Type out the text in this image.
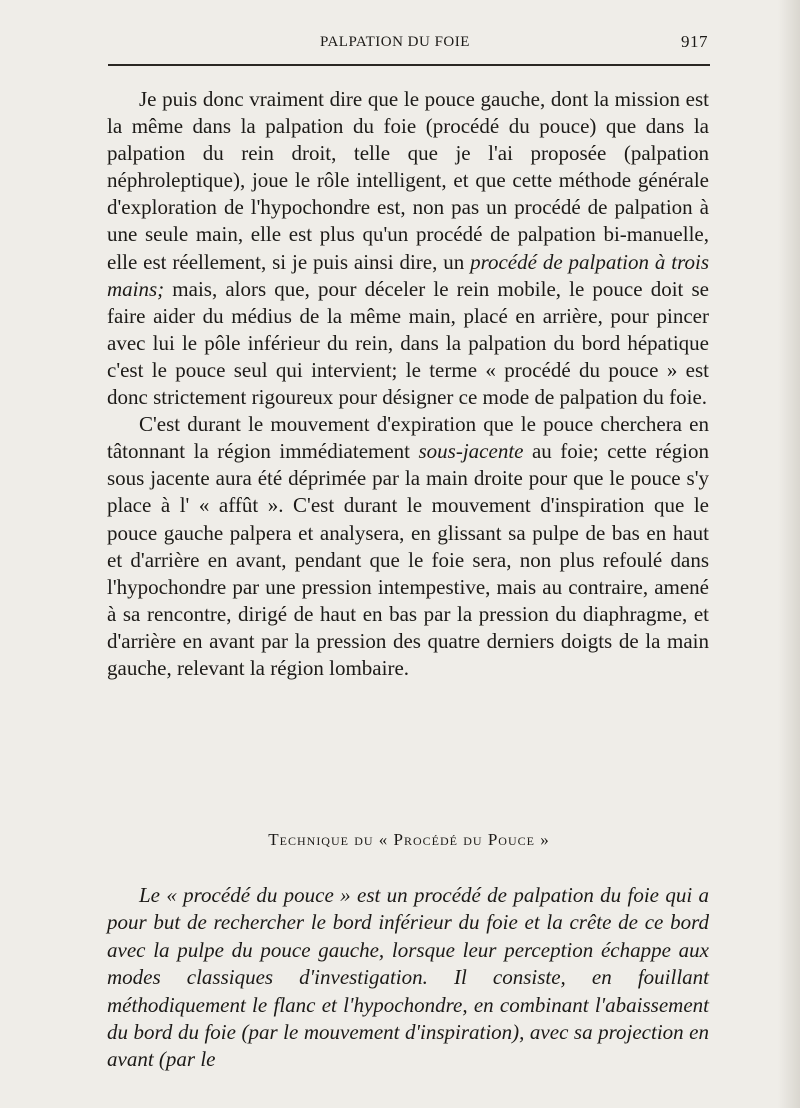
PALPATION DU FOIE	917

Je puis donc vraiment dire que le pouce gauche, dont la mission est la même dans la palpation du foie (procédé du pouce) que dans la palpation du rein droit, telle que je l'ai proposée (palpation néphroleptique), joue le rôle intelligent, et que cette méthode générale d'exploration de l'hypochondre est, non pas un procédé de palpation à une seule main, elle est plus qu'un procédé de palpation bi-manuelle, elle est réellement, si je puis ainsi dire, un procédé de palpation à trois mains; mais, alors que, pour déceler le rein mobile, le pouce doit se faire aider du médius de la même main, placé en arrière, pour pincer avec lui le pôle inférieur du rein, dans la palpation du bord hépatique c'est le pouce seul qui intervient; le terme « procédé du pouce » est donc strictement rigoureux pour désigner ce mode de palpation du foie.

C'est durant le mouvement d'expiration que le pouce cherchera en tâtonnant la région immédiatement sous-jacente au foie; cette région sous jacente aura été déprimée par la main droite pour que le pouce s'y place à l' « affût ». C'est durant le mouvement d'inspiration que le pouce gauche palpera et analysera, en glissant sa pulpe de bas en haut et d'arrière en avant, pendant que le foie sera, non plus refoulé dans l'hypochondre par une pression intempestive, mais au contraire, amené à sa rencontre, dirigé de haut en bas par la pression du diaphragme, et d'arrière en avant par la pression des quatre derniers doigts de la main gauche, relevant la région lombaire.

Technique du « Procédé du Pouce »

Le « procédé du pouce » est un procédé de palpation du foie qui a pour but de rechercher le bord inférieur du foie et la crête de ce bord avec la pulpe du pouce gauche, lorsque leur perception échappe aux modes classiques d'investigation. Il consiste, en fouillant méthodiquement le flanc et l'hypochondre, en combinant l'abaissement du bord du foie (par le mouvement d'inspiration), avec sa projection en avant (par le
